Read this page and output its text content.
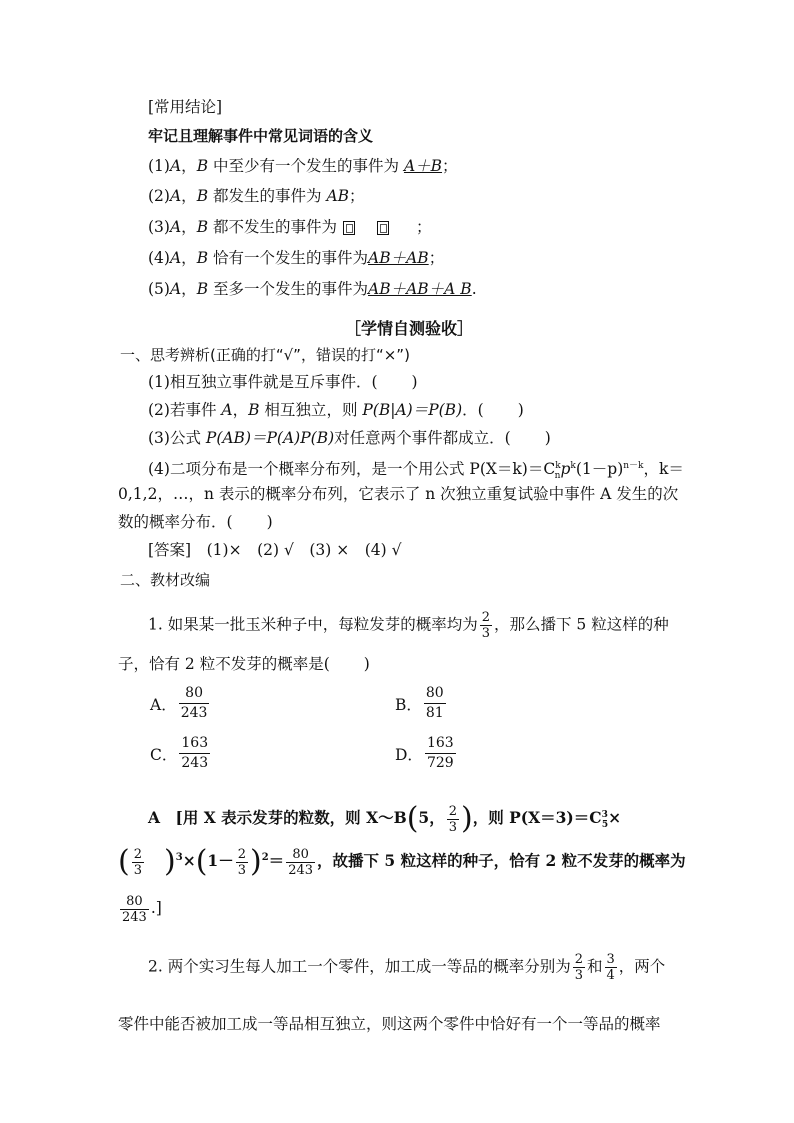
[常用结论]
牢记且理解事件中常见词语的含义
(1)A，B 中至少有一个发生的事件为 A＋B；
(2)A，B 都发生的事件为 AB；
(3)A，B 都不发生的事件为	；
(4)A，B 恰有一个发生的事件为AB＋AB；
(5)A，B 至多一个发生的事件为AB＋AB＋A B.
［学情自测验收］
一、思考辨析(正确的打“√”，错误的打“×”)
(1)相互独立事件就是互斥事件．( )
(2)若事件 A，B 相互独立，则 P(B|A)＝P(B)．( )
(3)公式 P(AB)＝P(A)P(B)对任意两个事件都成立．( )
(4)二项分布是一个概率分布列，是一个用公式 $P(X=k)=C^k_np^k(1-p)^{n-k}$，k＝
0,1,2，…，n 表示的概率分布列，它表示了 n 次独立重复试验中事件 A 发生的次
数的概率分布．( )
[答案]　 (1)×　(2) √　(3) ×　(4) √
二、教材改编
1. 如果某一批玉米种子中，每粒发芽的概率均为 $\frac{2}{3}$ ，那么播下 5 粒这样的种
子，恰有 2 粒不发芽的概率是( )
A． $\frac{80}{243}$	B． $\frac{80}{81}$
C． $\frac{163}{243}$	D． $\frac{163}{729}$
A　[用 X 表示发芽的粒数，则 X～B(5， $\frac{2}{3}$ )，则 $P(X=3)=C^3_5\times$
( $\frac{2}{3} )^3\times(1- \frac{2}{3} )^2= \frac{80}{243}$ ，故播下 5 粒这样的种子，恰有 2 粒不发芽的概率为
$\frac{80}{243}$ .]
2. 两个实习生每人加工一个零件，加工成一等品的概率分别为 $\frac{2}{3}$ 和 $\frac{3}{4}$ ，两个
零件中能否被加工成一等品相互独立，则这两个零件中恰好有一个一等品的概率
